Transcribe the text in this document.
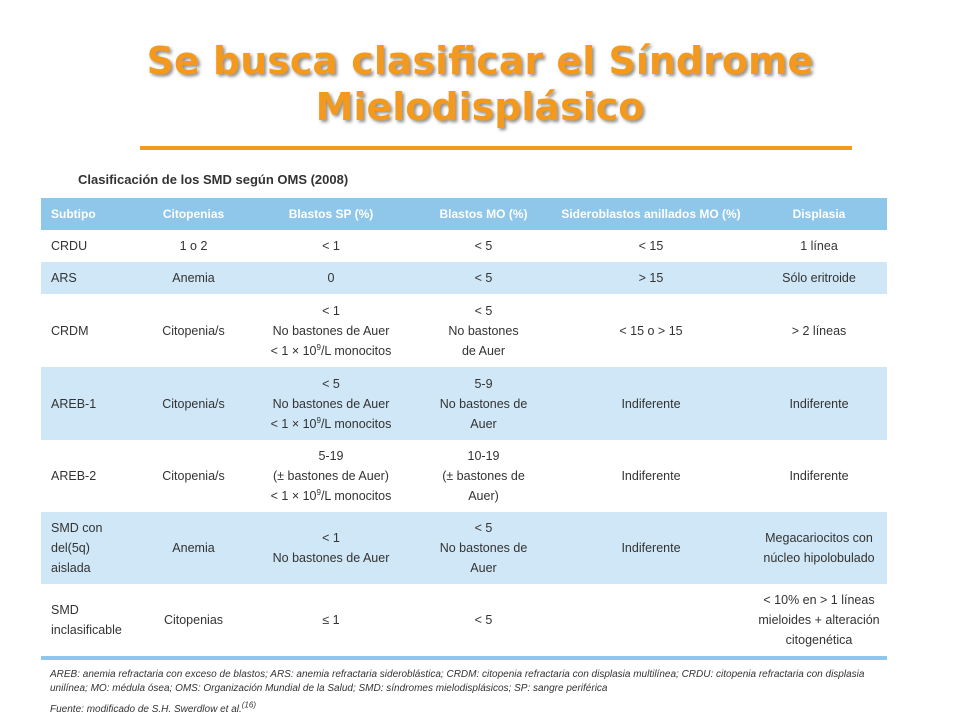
Se busca clasificar el Síndrome
Mielodisplásico
Clasificación de los SMD según OMS (2008)
Subtipo	Citopenias	Blastos SP (%)	Blastos MO (%)	Sideroblastos anillados MO (%)	Displasia

CRDU	1 o 2	< 1	< 5	< 15	1 línea

ARS	Anemia	0	< 5	> 15	Sólo eritroide

CRDM	Citopenia/s	< 1
No bastones de Auer
< $1 \times 10^9/L$ monocitos	< 5
No bastones
de Auer	< 15 o > 15	> 2 líneas

AREB-1	Citopenia/s	< 5
No bastones de Auer
< $1 \times 10^9/L$ monocitos	5-9
No bastones de
Auer	Indiferente	Indiferente

AREB-2	Citopenia/s	5-19
(± bastones de Auer)
< $1 \times 10^9/L$ monocitos	10-19
(± bastones de
Auer)	Indiferente	Indiferente

SMD con del(5q)
aislada	Anemia	< 1
No bastones de Auer	< 5
No bastones de
Auer	Indiferente	Megacariocitos con
núcleo hipolobulado

SMD
inclasificable	Citopenias	≤ 1	< 5		< 10% en > 1 líneas
mieloides + alteración
citogenética
AREB: anemia refractaria con exceso de blastos; ARS: anemia refractaria sideroblástica; CRDM: citopenia refractaria con displasia multilínea; CRDU: citopenia refractaria con displasia unilínea; MO: médula ósea; OMS: Organización Mundial de la Salud; SMD: síndromes mielodisplásicos; SP: sangre periférica
Fuente: modificado de S.H. Swerdlow et al.$^{(16)}$
